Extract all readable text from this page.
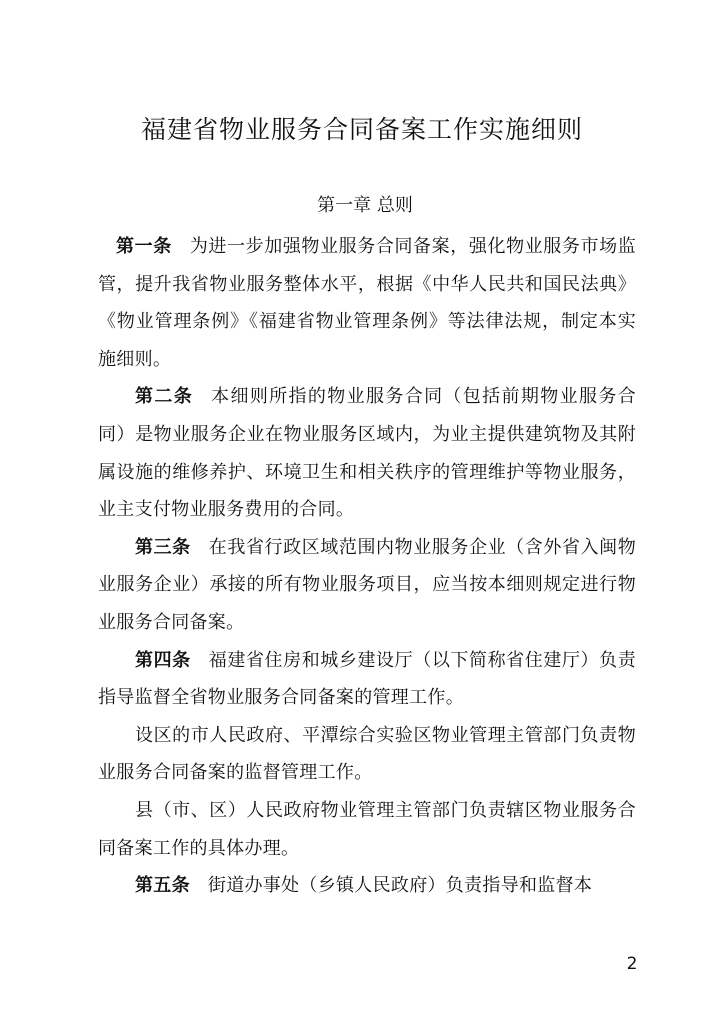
福建省物业服务合同备案工作实施细则
第一章 总则

第一条 为进一步加强物业服务合同备案，强化物业服务市场监管，提升我省物业服务整体水平，根据《中华人民共和国民法典》《物业管理条例》《福建省物业管理条例》等法律法规，制定本实施细则。

第二条 本细则所指的物业服务合同（包括前期物业服务合同）是物业服务企业在物业服务区域内，为业主提供建筑物及其附属设施的维修养护、环境卫生和相关秩序的管理维护等物业服务，业主支付物业服务费用的合同。

第三条 在我省行政区域范围内物业服务企业（含外省入闽物业服务企业）承接的所有物业服务项目，应当按本细则规定进行物业服务合同备案。

第四条 福建省住房和城乡建设厅（以下简称省住建厅）负责指导监督全省物业服务合同备案的管理工作。

设区的市人民政府、平潭综合实验区物业管理主管部门负责物业服务合同备案的监督管理工作。

县（市、区）人民政府物业管理主管部门负责辖区物业服务合同备案工作的具体办理。

第五条 街道办事处（乡镇人民政府）负责指导和监督本

2
